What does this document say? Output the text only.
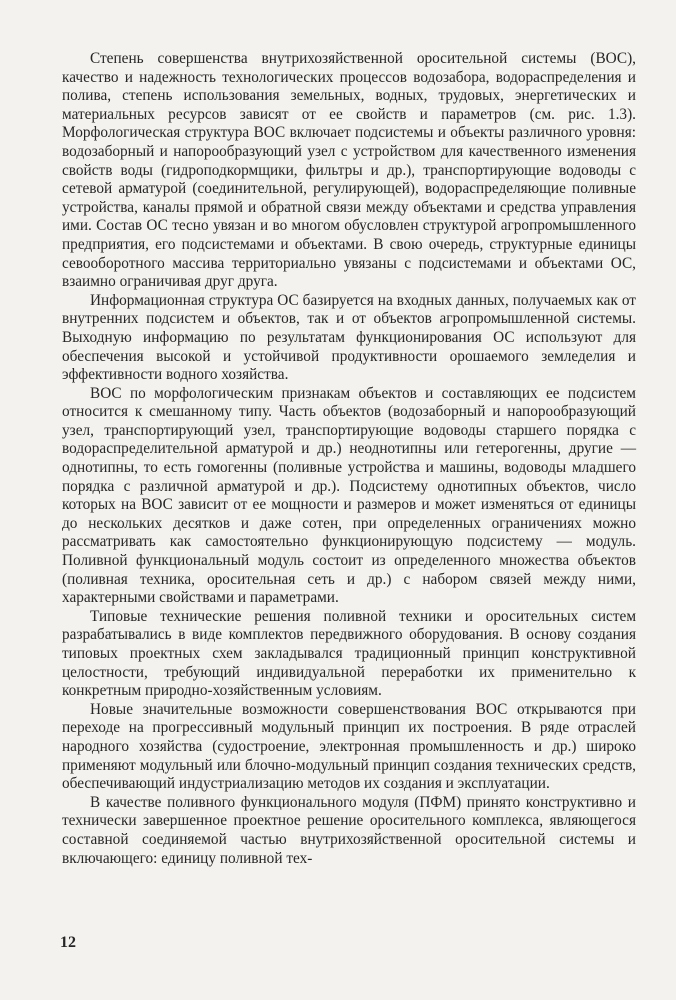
Степень совершенства внутрихозяйственной оросительной системы (ВОС), качество и надежность технологических процессов водозабора, водораспределения и полива, степень использования земельных, водных, трудовых, энергетических и материальных ресурсов зависят от ее свойств и параметров (см. рис. 1.3). Морфологическая структура ВОС включает подсистемы и объекты различного уровня: водозаборный и напорообразующий узел с устройством для качественного изменения свойств воды (гидроподкормщики, фильтры и др.), транспортирующие водоводы с сетевой арматурой (соединительной, регулирующей), водораспределяющие поливные устройства, каналы прямой и обратной связи между объектами и средства управления ими. Состав ОС тесно увязан и во многом обусловлен структурой агропромышленного предприятия, его подсистемами и объектами. В свою очередь, структурные единицы севооборотного массива территориально увязаны с подсистемами и объектами ОС, взаимно ограничивая друг друга.

Информационная структура ОС базируется на входных данных, получаемых как от внутренних подсистем и объектов, так и от объектов агропромышленной системы. Выходную информацию по результатам функционирования ОС используют для обеспечения высокой и устойчивой продуктивности орошаемого земледелия и эффективности водного хозяйства.

ВОС по морфологическим признакам объектов и составляющих ее подсистем относится к смешанному типу. Часть объектов (водозаборный и напорообразующий узел, транспортирующий узел, транспортирующие водоводы старшего порядка с водораспределительной арматурой и др.) неоднотипны или гетерогенны, другие — однотипны, то есть гомогенны (поливные устройства и машины, водоводы младшего порядка с различной арматурой и др.). Подсистему однотипных объектов, число которых на ВОС зависит от ее мощности и размеров и может изменяться от единицы до нескольких десятков и даже сотен, при определенных ограничениях можно рассматривать как самостоятельно функционирующую подсистему — модуль. Поливной функциональный модуль состоит из определенного множества объектов (поливная техника, оросительная сеть и др.) с набором связей между ними, характерными свойствами и параметрами.

Типовые технические решения поливной техники и оросительных систем разрабатывались в виде комплектов передвижного оборудования. В основу создания типовых проектных схем закладывался традиционный принцип конструктивной целостности, требующий индивидуальной переработки их применительно к конкретным природно-хозяйственным условиям.

Новые значительные возможности совершенствования ВОС открываются при переходе на прогрессивный модульный принцип их построения. В ряде отраслей народного хозяйства (судостроение, электронная промышленность и др.) широко применяют модульный или блочно-модульный принцип создания технических средств, обеспечивающий индустриализацию методов их создания и эксплуатации.

В качестве поливного функционального модуля (ПФМ) принято конструктивно и технически завершенное проектное решение оросительного комплекса, являющегося составной соединяемой частью внутрихозяйственной оросительной системы и включающего: единицу поливной тех-

12
